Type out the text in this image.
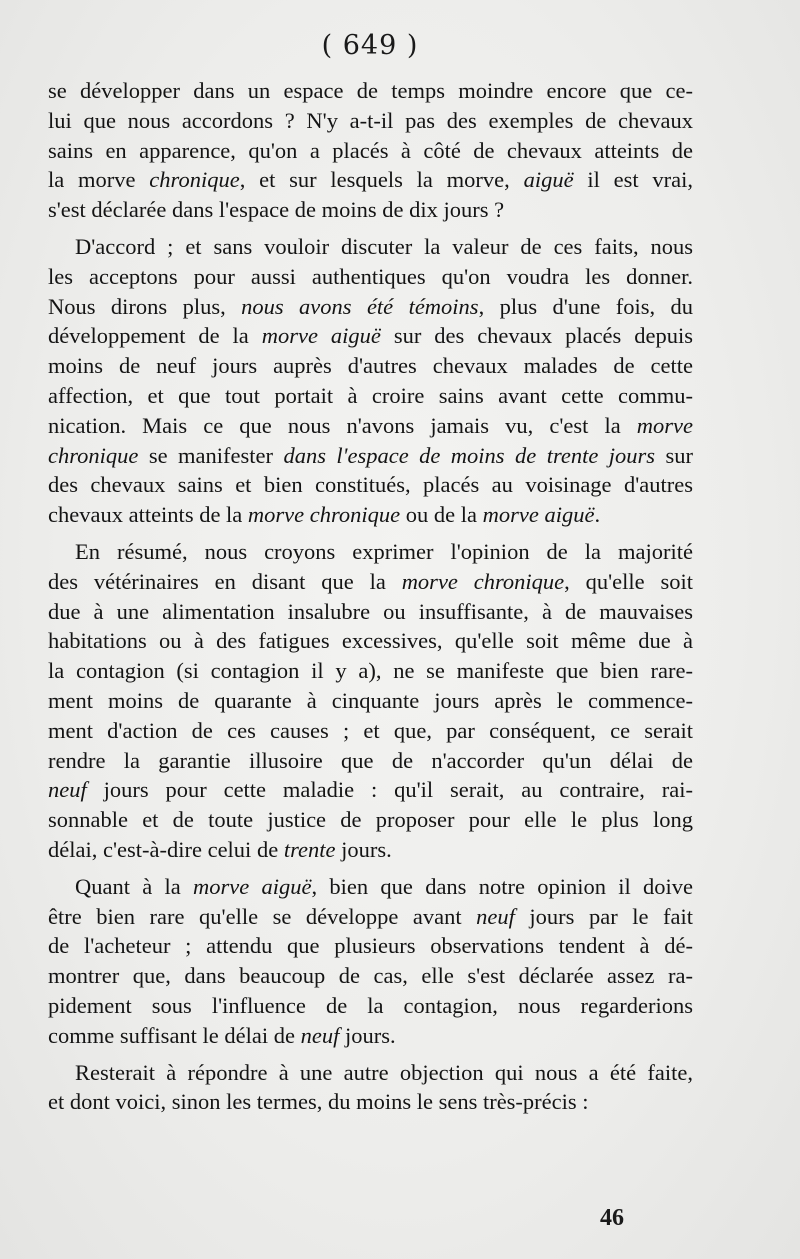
( 649 )

se développer dans un espace de temps moindre encore que ce-
lui que nous accordons ? N'y a-t-il pas des exemples de chevaux
sains en apparence, qu'on a placés à côté de chevaux atteints de
la morve chronique, et sur lesquels la morve, aiguë il est vrai,
s'est déclarée dans l'espace de moins de dix jours ?

D'accord ; et sans vouloir discuter la valeur de ces faits, nous
les acceptons pour aussi authentiques qu'on voudra les donner.
Nous dirons plus, nous avons été témoins, plus d'une fois, du
développement de la morve aiguë sur des chevaux placés depuis
moins de neuf jours auprès d'autres chevaux malades de cette
affection, et que tout portait à croire sains avant cette commu-
nication. Mais ce que nous n'avons jamais vu, c'est la morve
chronique se manifester dans l'espace de moins de trente jours sur
des chevaux sains et bien constitués, placés au voisinage d'autres
chevaux atteints de la morve chronique ou de la morve aiguë.

En résumé, nous croyons exprimer l'opinion de la majorité
des vétérinaires en disant que la morve chronique, qu'elle soit
due à une alimentation insalubre ou insuffisante, à de mauvaises
habitations ou à des fatigues excessives, qu'elle soit même due à
la contagion (si contagion il y a), ne se manifeste que bien rare-
ment moins de quarante à cinquante jours après le commence-
ment d'action de ces causes ; et que, par conséquent, ce serait
rendre la garantie illusoire que de n'accorder qu'un délai de
neuf jours pour cette maladie : qu'il serait, au contraire, rai-
sonnable et de toute justice de proposer pour elle le plus long
délai, c'est-à-dire celui de trente jours.

Quant à la morve aiguë, bien que dans notre opinion il doive
être bien rare qu'elle se développe avant neuf jours par le fait
de l'acheteur ; attendu que plusieurs observations tendent à dé-
montrer que, dans beaucoup de cas, elle s'est déclarée assez ra-
pidement sous l'influence de la contagion, nous regarderions
comme suffisant le délai de neuf jours.

Resterait à répondre à une autre objection qui nous a été faite,
et dont voici, sinon les termes, du moins le sens très-précis :

46
